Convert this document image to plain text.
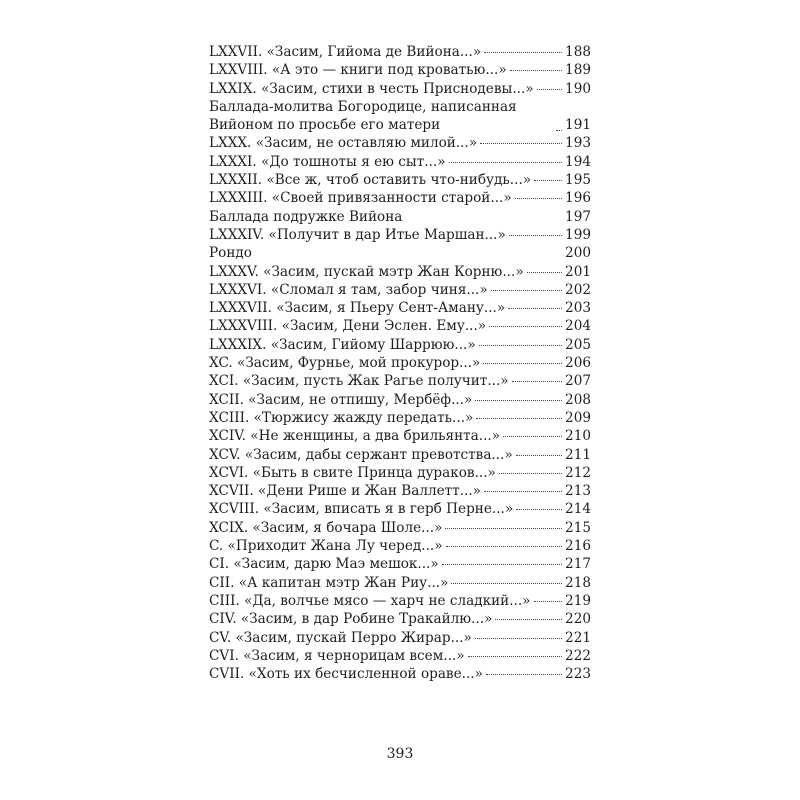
LXXVII. «Засим, Гийома де Вийона...»	188
LXXVIII. «А это — книги под кроватью...»	189
LXXIX. «Засим, стихи в честь Приснодевы...» 190
Баллада-молитва Богородице, написанная Вийоном по просьбе его матери	191
LXXX. «Засим, не оставляю милой...»	193
LXXXI. «До тошноты я ею сыт...»	194
LXXXII. «Все ж, чтоб оставить что-нибудь...» 195
LXXXIII. «Своей привязанности старой...»	196
Баллада подружке Вийона	197
LXXXIV. «Получит в дар Итье Маршан...»	199
Рондо	200
LXXXV. «Засим, пускай мэтр Жан Корню...»	201
LXXXVI. «Сломал я там, забор чиня...»	202
LXXXVII. «Засим, я Пьеру Сент-Аману...»	203
LXXXVIII. «Засим, Дени Эслен. Ему...»	204
LXXXIX. «Засим, Гийому Шаррюю...»	205
XC. «Засим, Фурнье, мой прокурор...»	206
XCI. «Засим, пусть Жак Рагье получит...»	207
XCII. «Засим, не отпишу, Мербёф...»	208
XCIII. «Тюржису жажду передать...»	209
XCIV. «Не женщины, а два брильянта...»	210
XCV. «Засим, дабы сержант превотства...»	211
XCVI. «Быть в свите Принца дураков...»	212
XCVII. «Дени Рише и Жан Валлетт...»	213
XCVIII. «Засим, вписать я в герб Перне...»	214
XCIX. «Засим, я бочара Шоле...»	215
C. «Приходит Жана Лу черед...»	216
CI. «Засим, дарю Маэ мешок...»	217
CII. «А капитан мэтр Жан Риу...»	218
CIII. «Да, волчье мясо — харч не сладкий...»	219
CIV. «Засим, в дар Робине Тракайлю...»	220
CV. «Засим, пускай Перро Жирар...»	221
CVI. «Засим, я чернорицам всем...»	222
CVII. «Хоть их бесчисленной ораве...»	223
393
